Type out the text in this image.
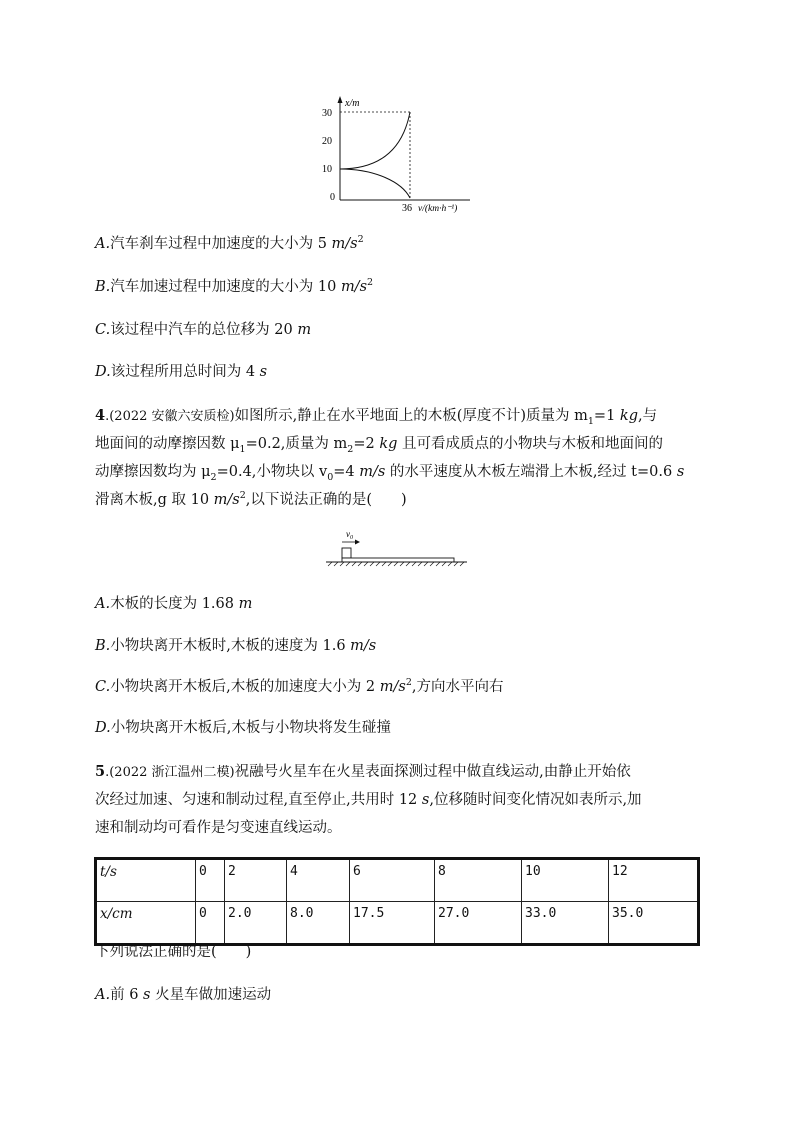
x/m
30
20
10
0
36 v/(km·h⁻¹)
A.汽车刹车过程中加速度的大小为 5 $m/s^2$
B.汽车加速过程中加速度的大小为 10 $m/s^2$
C.该过程中汽车的总位移为 20 m
D.该过程所用总时间为 4 s
4.(2022 安徽六安质检)如图所示,静止在水平地面上的木板(厚度不计)质量为 $m_1=1$ kg,与
地面间的动摩擦因数 $\mu_1=0.2$,质量为 $m_2=2$ kg 且可看成质点的小物块与木板和地面间的
动摩擦因数均为 $\mu_2=0.4$,小物块以 $v_0=4$ m/s 的水平速度从木板左端滑上木板,经过 t=0.6 s
滑离木板,g 取 10 $m/s^2$,以下说法正确的是(　　)
$v_0$
A.木板的长度为 1.68 m
B.小物块离开木板时,木板的速度为 1.6 m/s
C.小物块离开木板后,木板的加速度大小为 2 $m/s^2$,方向水平向右
D.小物块离开木板后,木板与小物块将发生碰撞
5.(2022 浙江温州二模)祝融号火星车在火星表面探测过程中做直线运动,由静止开始依
次经过加速、匀速和制动过程,直至停止,共用时 12 s,位移随时间变化情况如表所示,加
速和制动均可看作是匀变速直线运动。
t/s	0	2	4	6	8	10	12
x/cm	0	2.0	8.0	17.5	27.0	33.0	35.0
下列说法正确的是(　　)
A.前 6 s 火星车做加速运动
